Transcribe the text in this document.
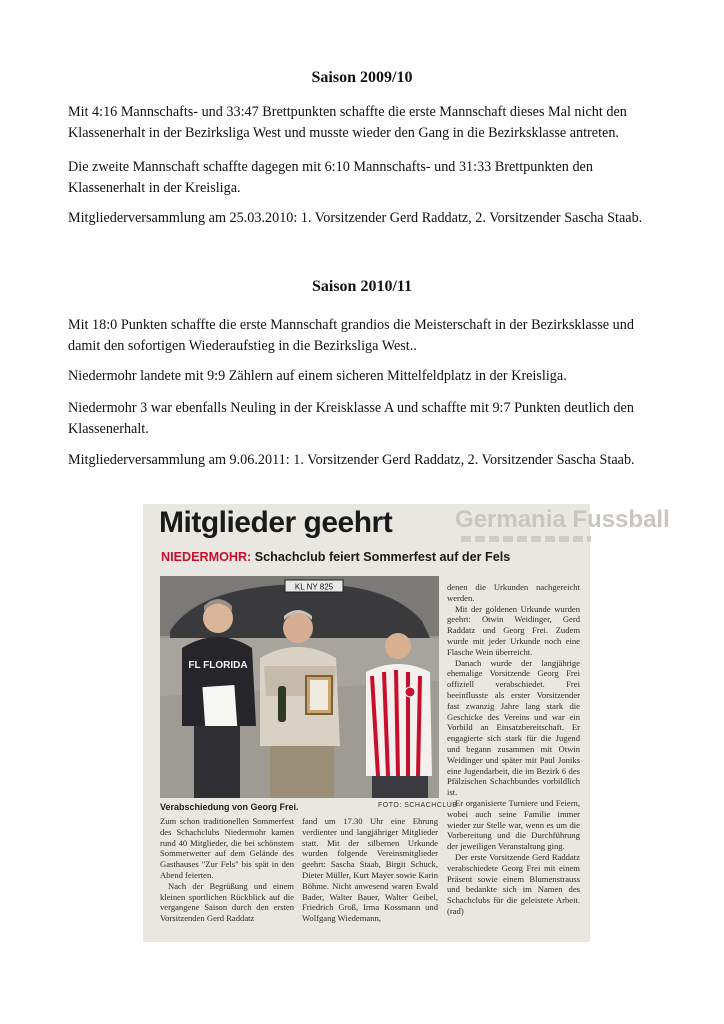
Saison 2009/10
Mit 4:16 Mannschafts- und 33:47 Brettpunkten schaffte die erste Mannschaft dieses Mal nicht den Klassenerhalt in der Bezirksliga West und musste wieder den Gang in die Bezirksklasse antreten.
Die zweite Mannschaft schaffte dagegen mit 6:10 Mannschafts- und 31:33 Brettpunkten den Klassenerhalt in der Kreisliga.
Mitgliederversammlung am 25.03.2010: 1. Vorsitzender Gerd Raddatz, 2. Vorsitzender Sascha Staab.
Saison 2010/11
Mit 18:0 Punkten schaffte die erste Mannschaft grandios die Meisterschaft in der Bezirksklasse und damit den sofortigen Wiederaufstieg in die Bezirksliga West..
Niedermohr landete mit 9:9 Zählern auf einem sicheren Mittelfeldplatz in der Kreisliga.
Niedermohr 3 war ebenfalls Neuling in der Kreisklasse A und schaffte mit 9:7 Punkten deutlich den Klassenerhalt.
Mitgliederversammlung am 9.06.2011: 1. Vorsitzender Gerd Raddatz, 2. Vorsitzender Sascha Staab.
Germania Fussball
Mitglieder geehrt
NIEDERMOHR: Schachclub feiert Sommerfest auf der Fels
KL NY 825
FL FLORIDA
Verabschiedung von Georg Frei.	FOTO: SCHACHCLUB

Zum schon traditionellen Sommerfest des Schachclubs Niedermohr kamen rund 40 Mitglieder, die bei schönstem Sommerwetter auf dem Gelände des Gasthauses "Zur Fels" bis spät in den Abend feierten.

Nach der Begrüßung und einem kleinen sportlichen Rückblick auf die vergangene Saison durch den ersten Vorsitzenden Gerd Raddatz

fand um 17.30 Uhr eine Ehrung verdienter und langjähriger Mitglieder statt. Mit der silbernen Urkunde wurden folgende Vereinsmitglieder geehrt: Sascha Staab, Birgit Schuck, Dieter Müller, Kurt Mayer sowie Karin Böhme. Nicht anwesend waren Ewald Bader, Walter Bauer, Walter Geibel, Friedrich Groß, Irma Kossmann und Wolfgang Wiedemann,

denen die Urkunden nachgereicht werden.

Mit der goldenen Urkunde wurden geehrt: Otwin Weidinger, Gerd Raddatz und Georg Frei. Zudem wurde mit jeder Urkunde noch eine Flasche Wein überreicht.

Danach wurde der langjährige ehemalige Vorsitzende Georg Frei offiziell verabschiedet. Frei beeinflusste als erster Vorsitzender fast zwanzig Jahre lang stark die Geschicke des Vereins und war ein Vorbild an Einsatzbereitschaft. Er engagierte sich stark für die Jugend und begann zusammen mit Otwin Weidinger und später mit Paul Joniks eine Jugendarbeit, die im Bezirk 6 des Pfälzischen Schachbundes vorbildlich ist.

Er organisierte Turniere und Feiern, wobei auch seine Familie immer wieder zur Stelle war, wenn es um die Vorbereitung und die Durchführung der jeweiligen Veranstaltung ging.

Der erste Vorsitzende Gerd Raddatz verabschiedete Georg Frei mit einem Präsent sowie einem Blumenstrauss und bedankte sich im Namen des Schachclubs für die geleistete Arbeit.(rad)
